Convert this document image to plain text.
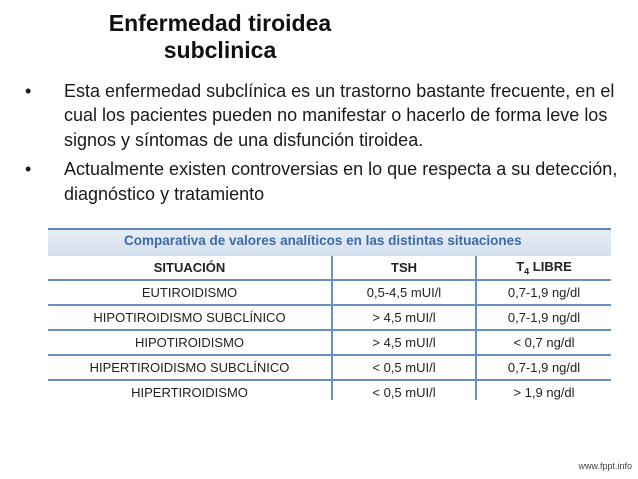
Enfermedad tiroidea
subclinica
• Esta enfermedad subclínica es un trastorno bastante frecuente, en el cual los pacientes pueden no manifestar o hacerlo de forma leve los signos y síntomas de una disfunción tiroidea.
• Actualmente existen controversias en lo que respecta a su detección, diagnóstico y tratamiento
Comparativa de valores analíticos en las distintas situaciones
SITUACIÓN	TSH	$T_4$ LIBRE
EUTIROIDISMO	0,5-4,5 mUI/l	0,7-1,9 ng/dl
HIPOTIROIDISMO SUBCLÍNICO	> 4,5 mUI/l	0,7-1,9 ng/dl
HIPOTIROIDISMO	> 4,5 mUI/l	< 0,7 ng/dl
HIPERTIROIDISMO SUBCLÍNICO	< 0,5 mUI/l	0,7-1,9 ng/dl
HIPERTIROIDISMO	< 0,5 mUI/l	> 1,9 ng/dl
www.fppt.info
